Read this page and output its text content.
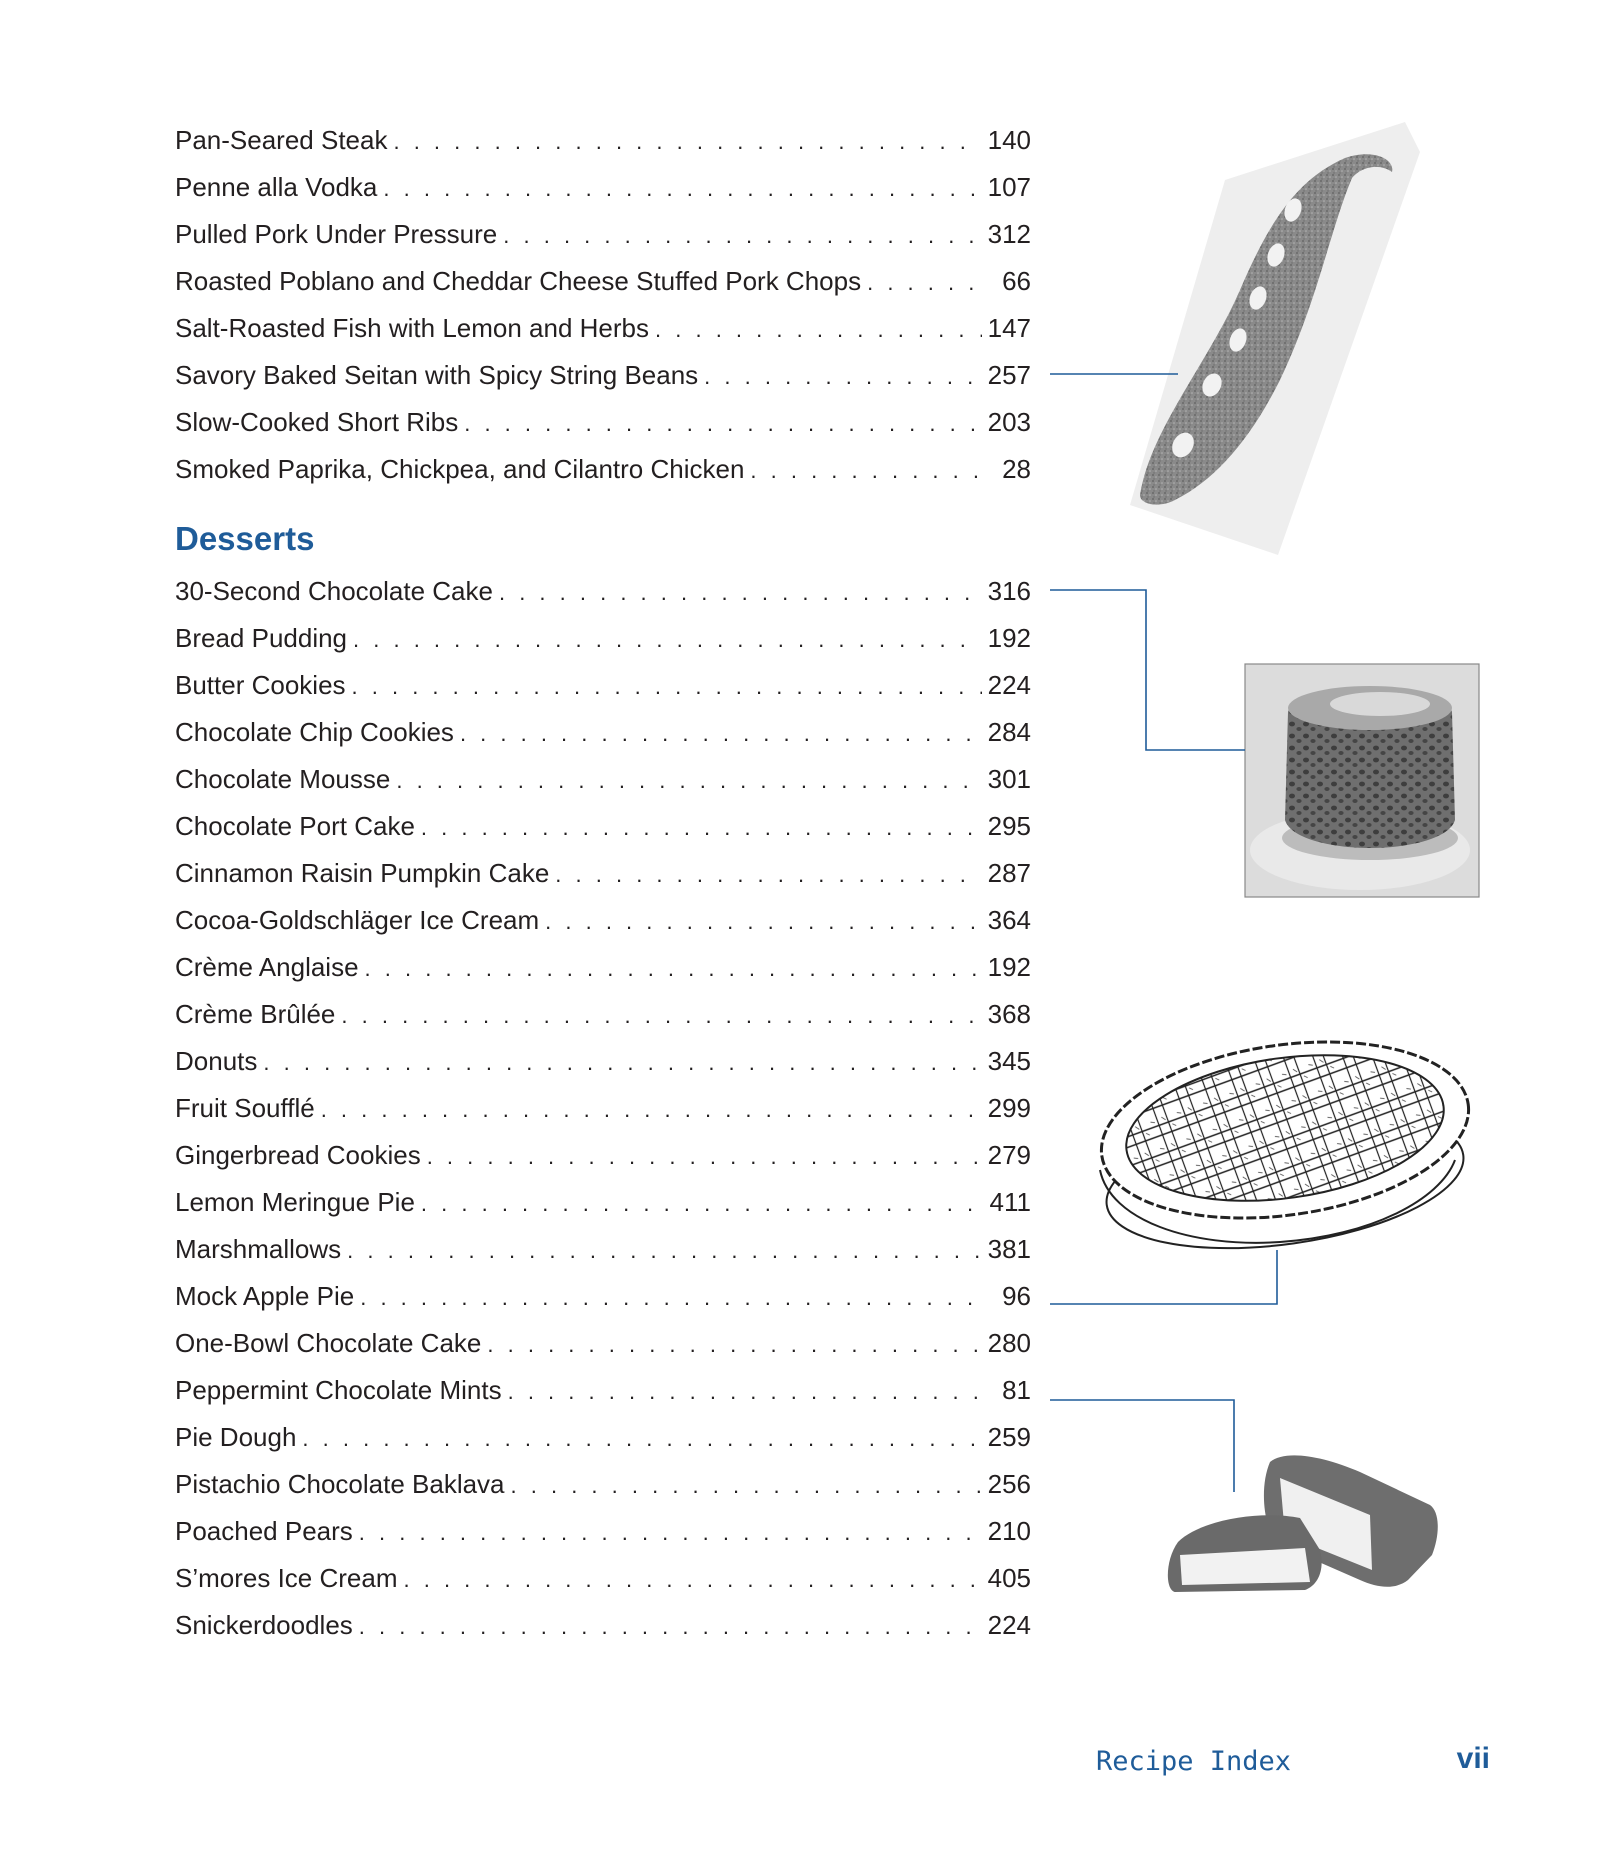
Pan-Seared Steak . . .	140
Penne alla Vodka . . .	107
Pulled Pork Under Pressure . . .	312
Roasted Poblano and Cheddar Cheese Stuffed Pork Chops . . .	66
Salt-Roasted Fish with Lemon and Herbs . . .	147
Savory Baked Seitan with Spicy String Beans . . .	257
Slow-Cooked Short Ribs . . .	203
Smoked Paprika, Chickpea, and Cilantro Chicken . . .	28
Desserts
30-Second Chocolate Cake . . .	316
Bread Pudding . . .	192
Butter Cookies . . .	224
Chocolate Chip Cookies . . .	284
Chocolate Mousse . . .	301
Chocolate Port Cake . . .	295
Cinnamon Raisin Pumpkin Cake . . .	287
Cocoa-Goldschläger Ice Cream . . .	364
Crème Anglaise . . .	192
Crème Brûlée . . .	368
Donuts . . .	345
Fruit Soufflé . . .	299
Gingerbread Cookies . . .	279
Lemon Meringue Pie . . .	411
Marshmallows . . .	381
Mock Apple Pie . . .	96
One-Bowl Chocolate Cake . . .	280
Peppermint Chocolate Mints . . .	81
Pie Dough . . .	259
Pistachio Chocolate Baklava . . .	256
Poached Pears . . .	210
S’mores Ice Cream . . .	405
Snickerdoodles . . .	224
Recipe Index	vii
